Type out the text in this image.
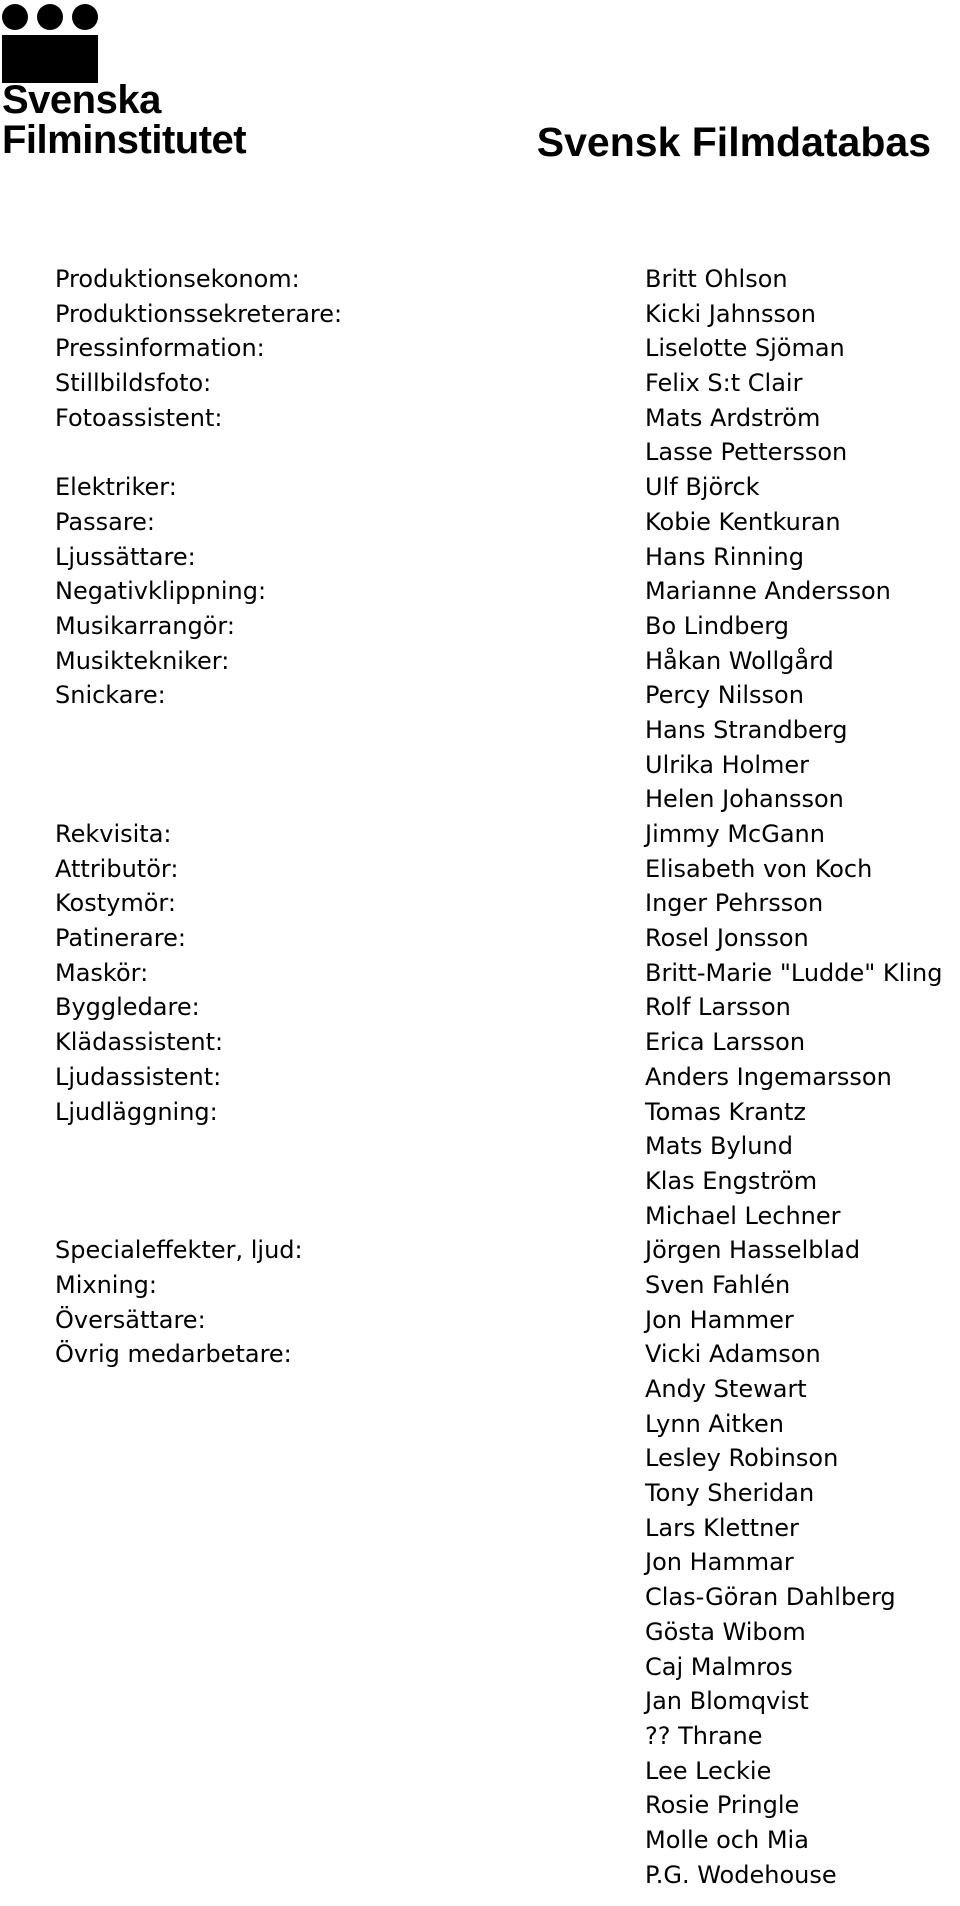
Svenska
Filminstitutet	Svensk Filmdatabas
Produktionsekonom:	Britt Ohlson
Produktionssekreterare:	Kicki Jahnsson
Pressinformation:	Liselotte Sjöman
Stillbildsfoto:	Felix S:t Clair
Fotoassistent:	Mats Ardström
Lasse Pettersson
Elektriker:	Ulf Björck
Passare:	Kobie Kentkuran
Ljussättare:	Hans Rinning
Negativklippning:	Marianne Andersson
Musikarrangör:	Bo Lindberg
Musiktekniker:	Håkan Wollgård
Snickare:	Percy Nilsson
Hans Strandberg
Ulrika Holmer
Helen Johansson
Rekvisita:	Jimmy McGann
Attributör:	Elisabeth von Koch
Kostymör:	Inger Pehrsson
Patinerare:	Rosel Jonsson
Maskör:	Britt-Marie "Ludde" Kling
Byggledare:	Rolf Larsson
Klädassistent:	Erica Larsson
Ljudassistent:	Anders Ingemarsson
Ljudläggning:	Tomas Krantz
Mats Bylund
Klas Engström
Michael Lechner
Specialeffekter, ljud:	Jörgen Hasselblad
Mixning:	Sven Fahlén
Översättare:	Jon Hammer
Övrig medarbetare:	Vicki Adamson
Andy Stewart
Lynn Aitken
Lesley Robinson
Tony Sheridan
Lars Klettner
Jon Hammar
Clas-Göran Dahlberg
Gösta Wibom
Caj Malmros
Jan Blomqvist
?? Thrane
Lee Leckie
Rosie Pringle
Molle och Mia
P.G. Wodehouse
